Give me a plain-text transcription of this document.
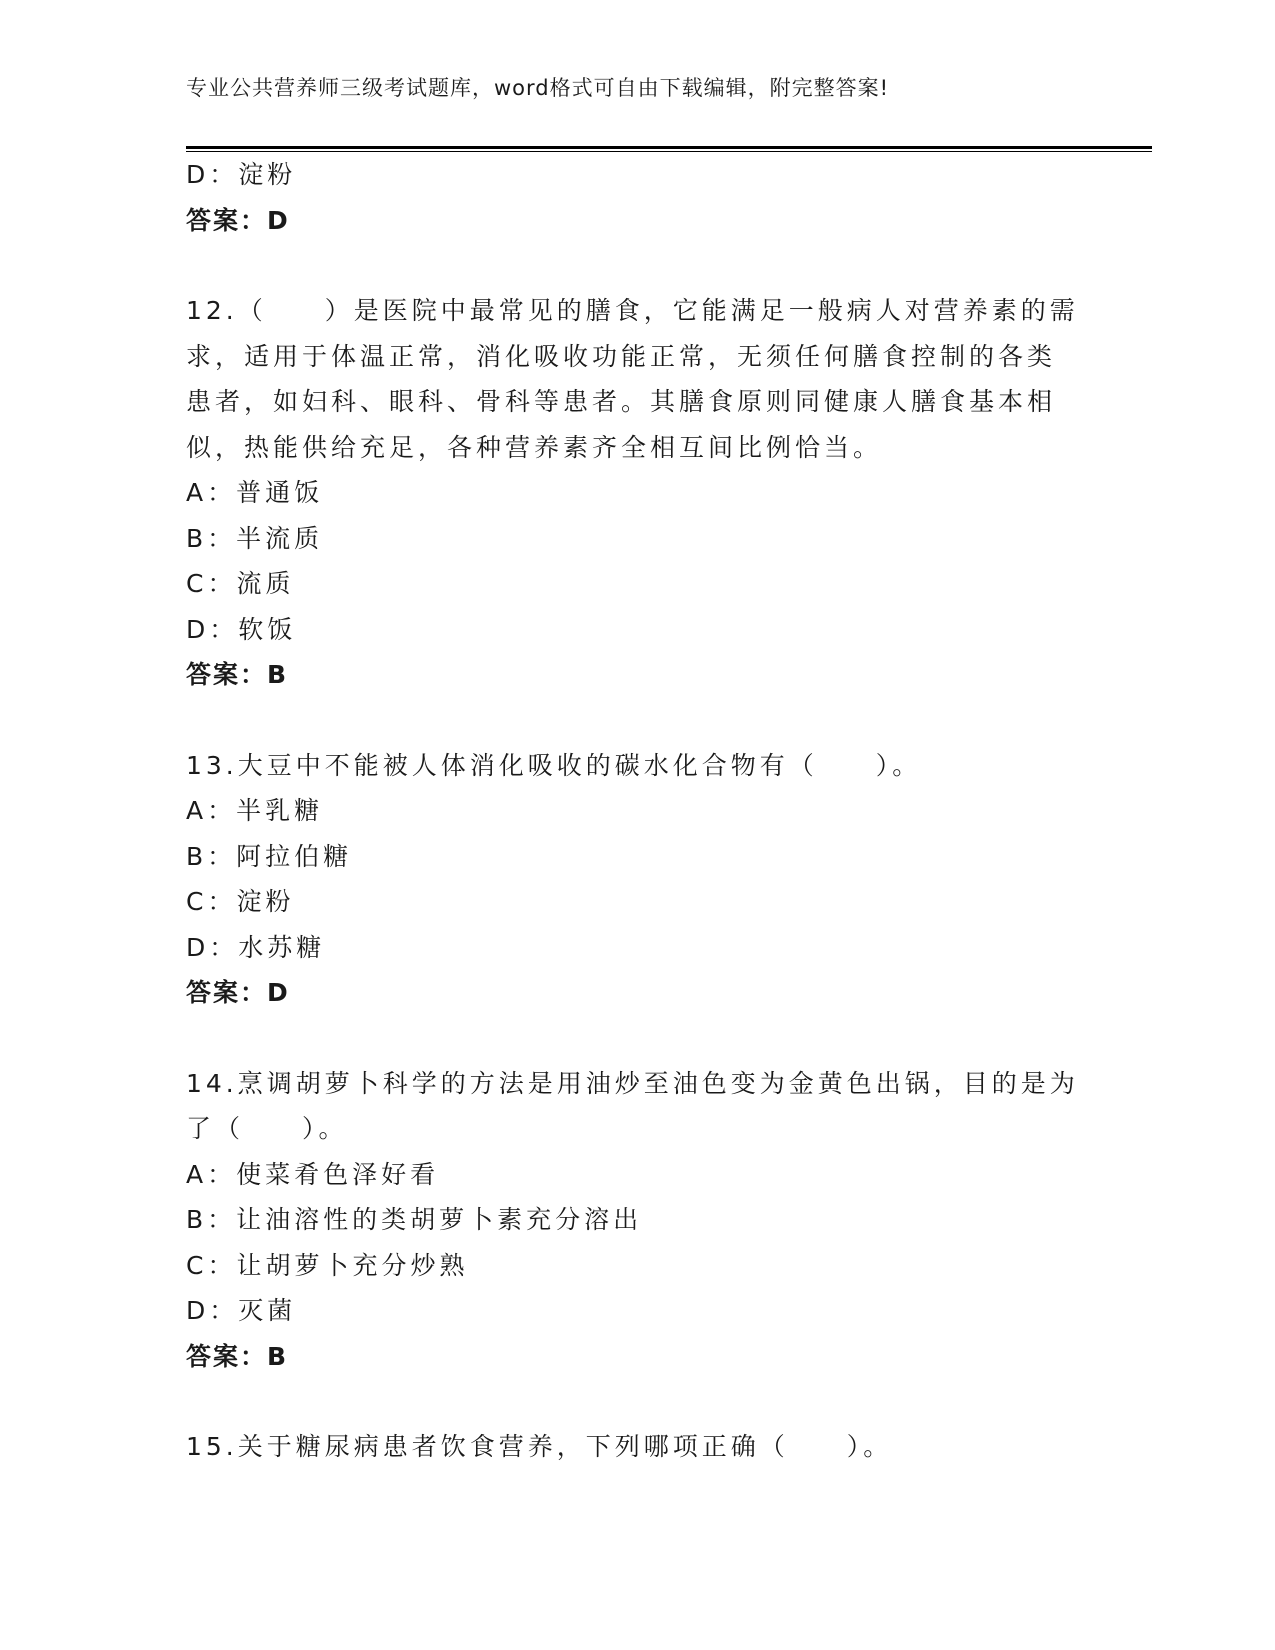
专业公共营养师三级考试题库，word格式可自由下载编辑，附完整答案!

D：淀粉

答案：D

12.（　　）是医院中最常见的膳食，它能满足一般病人对营养素的需

求，适用于体温正常，消化吸收功能正常，无须任何膳食控制的各类

患者，如妇科、眼科、骨科等患者。其膳食原则同健康人膳食基本相

似，热能供给充足，各种营养素齐全相互间比例恰当。

A：普通饭

B：半流质

C：流质

D：软饭

答案：B

13.大豆中不能被人体消化吸收的碳水化合物有（　　）。

A：半乳糖

B：阿拉伯糖

C：淀粉

D：水苏糖

答案：D

14.烹调胡萝卜科学的方法是用油炒至油色变为金黄色出锅，目的是为

了（　　）。

A：使菜肴色泽好看

B：让油溶性的类胡萝卜素充分溶出

C：让胡萝卜充分炒熟

D：灭菌

答案：B

15.关于糖尿病患者饮食营养，下列哪项正确（　　）。
